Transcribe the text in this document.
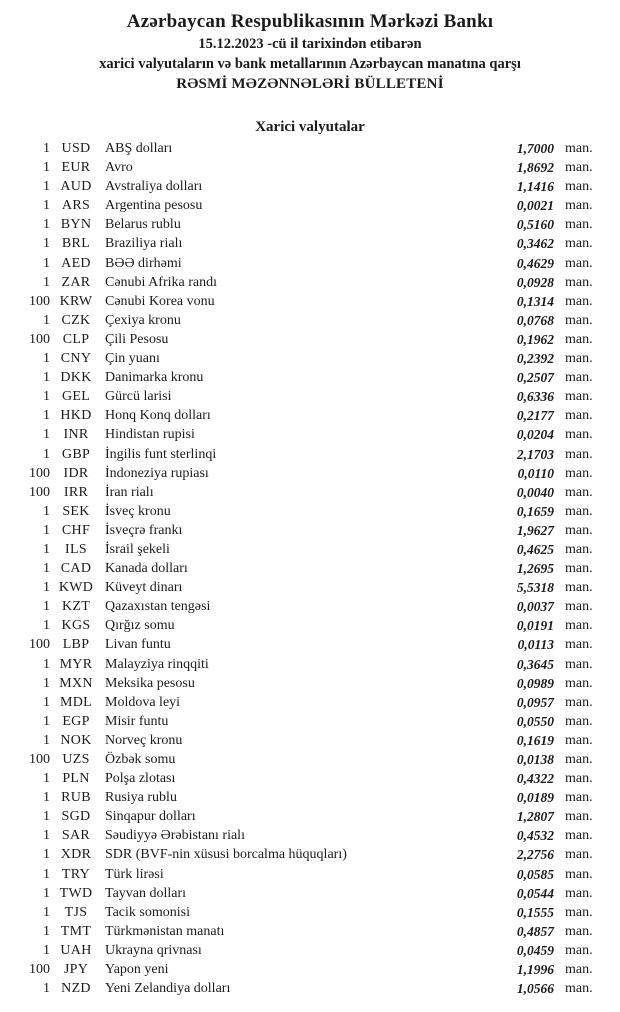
Azərbaycan Respublikasının Mərkəzi Bankı
15.12.2023 -cü il tarixindən etibarən
xarici valyutaların və bank metallarının Azərbaycan manatına qarşı
RƏSMİ MƏZƏNNƏLƏRİ BÜLLETENİ
Xarici valyutalar
1 USD	ABŞ dolları	1,7000 man.
1 EUR	Avro	1,8692 man.
1 AUD Avstraliya dolları	1,1416 man.
1 ARS	Argentina pesosu	0,0021 man.
1 BYN Belarus rublu	0,5160 man.
1 BRL	Braziliya rialı	0,3462 man.
1 AED	BƏƏ dirhəmi	0,4629 man.
1 ZAR	Cənubi Afrika randı	0,0928 man.
100 KRW Cənubi Korea vonu	0,1314 man.
1 CZK	Çexiya kronu	0,0768 man.
100 CLP	Çili Pesosu	0,1962 man.
1 CNY Çin yuanı	0,2392 man.
1 DKK Danimarka kronu	0,2507 man.
1 GEL	Gürcü larisi	0,6336 man.
1 HKD Honq Konq dolları	0,2177 man.
1 INR	Hindistan rupisi	0,0204 man.
1 GBP	İngilis funt sterlinqi	2,1703 man.
100 IDR	İndoneziya rupiası	0,0110 man.
100 IRR	İran rialı	0,0040 man.
1 SEK	İsveç kronu	0,1659 man.
1 CHF	İsveçrə frankı	1,9627 man.
1	ILS	İsrail şekeli	0,4625 man.
1 CAD Kanada dolları	1,2695 man.
1 KWD Küveyt dinarı	5,5318 man.
1 KZT	Qazaxıstan tengəsi	0,0037 man.
1 KGS	Qırğız somu	0,0191 man.
100 LBP	Livan funtu	0,0113 man.
1 MYR Malayziya rinqqiti	0,3645 man.
1 MXN Meksika pesosu	0,0989 man.
1 MDL Moldova leyi	0,0957 man.
1 EGP	Misir funtu	0,0550 man.
1 NOK Norveç kronu	0,1619 man.
100 UZS	Özbək somu	0,0138 man.
1 PLN	Polşa zlotası	0,4322 man.
1 RUB	Rusiya rublu	0,0189 man.
1 SGD	Sinqapur dolları	1,2807 man.
1 SAR	Səudiyyə Ərəbistanı rialı	0,4532 man.
1 XDR SDR (BVF-nin xüsusi borcalma hüquqları)	2,2756 man.
1 TRY	Türk lirəsi	0,0585 man.
1 TWD Tayvan dolları	0,0544 man.
1	TJS	Tacik somonisi	0,1555 man.
1 TMT Türkmənistan manatı	0,4857 man.
1 UAH Ukrayna qrivnası	0,0459 man.
100 JPY	Yapon yeni	1,1996 man.
1 NZD	Yeni Zelandiya dolları	1,0566 man.
